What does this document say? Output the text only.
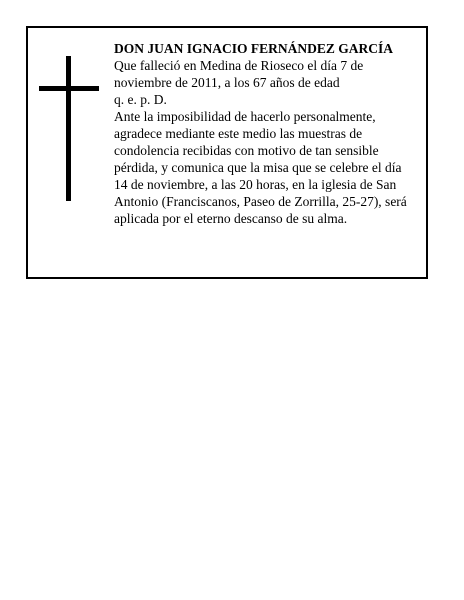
DON JUAN IGNACIO FERNÁNDEZ GARCÍA

Que falleció en Medina de Rioseco el día 7 de noviembre de 2011, a los 67 años de edad

q. e. p. D.

Ante la imposibilidad de hacerlo personalmente, agradece mediante este medio las muestras de condolencia recibidas con motivo de tan sensible pérdida, y comunica que la misa que se celebre el día 14 de noviembre, a las 20 horas, en la iglesia de San Antonio (Franciscanos, Paseo de Zorrilla, 25-27), será aplicada por el eterno descanso de su alma.
